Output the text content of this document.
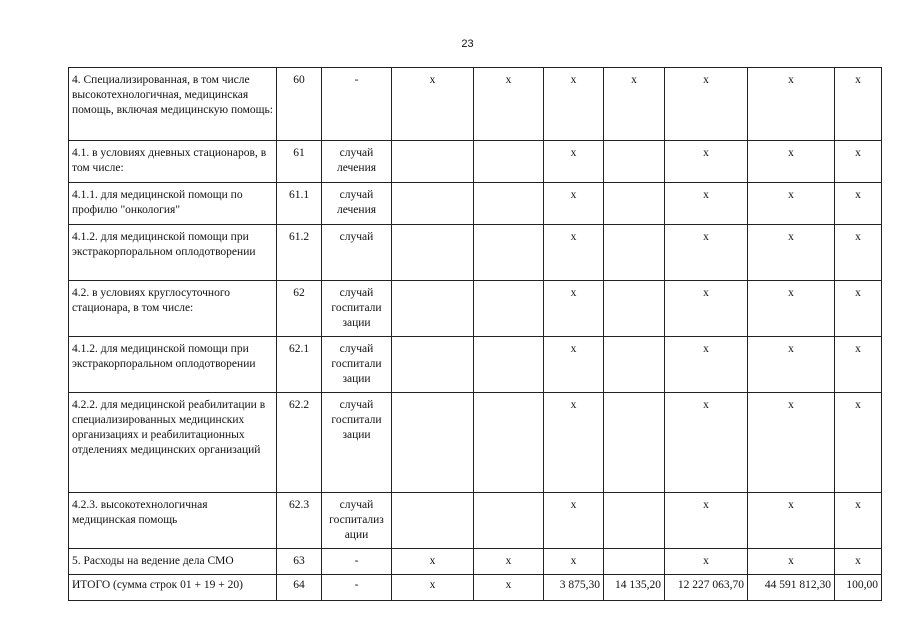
23
4. Специализированная, в том числе высокотехнологичная, медицинская помощь, включая медицинскую помощь:	60	-	х	х	х	х	х	х	х
4.1. в условиях дневных стационаров, в том числе:	61	случай лечения			х		х	х	х
4.1.1. для медицинской помощи по профилю "онкология"	61.1	случай лечения			х		х	х	х
4.1.2. для медицинской помощи при экстракорпоральном оплодотворении	61.2	случай			х		х	х	х
4.2. в условиях круглосуточного стационара, в том числе:	62	случай госпитали зации			х		х	х	х
4.1.2. для медицинской помощи при экстракорпоральном оплодотворении	62.1	случай госпитали зации			х		х	х	х
4.2.2. для медицинской реабилитации в специализированных медицинских организациях и реабилитационных отделениях медицинских организаций	62.2	случай госпитали зации			х		х	х	х
4.2.3. высокотехнологичная медицинская помощь	62.3	случай госпитализ ации			х		х	х	х
5. Расходы на ведение дела СМО	63	-	х	х	х		х	х	х
ИТОГО (сумма строк 01 + 19 + 20)	64	-	х	х	3 875,30	14 135,20	12 227 063,70	44 591 812,30	100,00
